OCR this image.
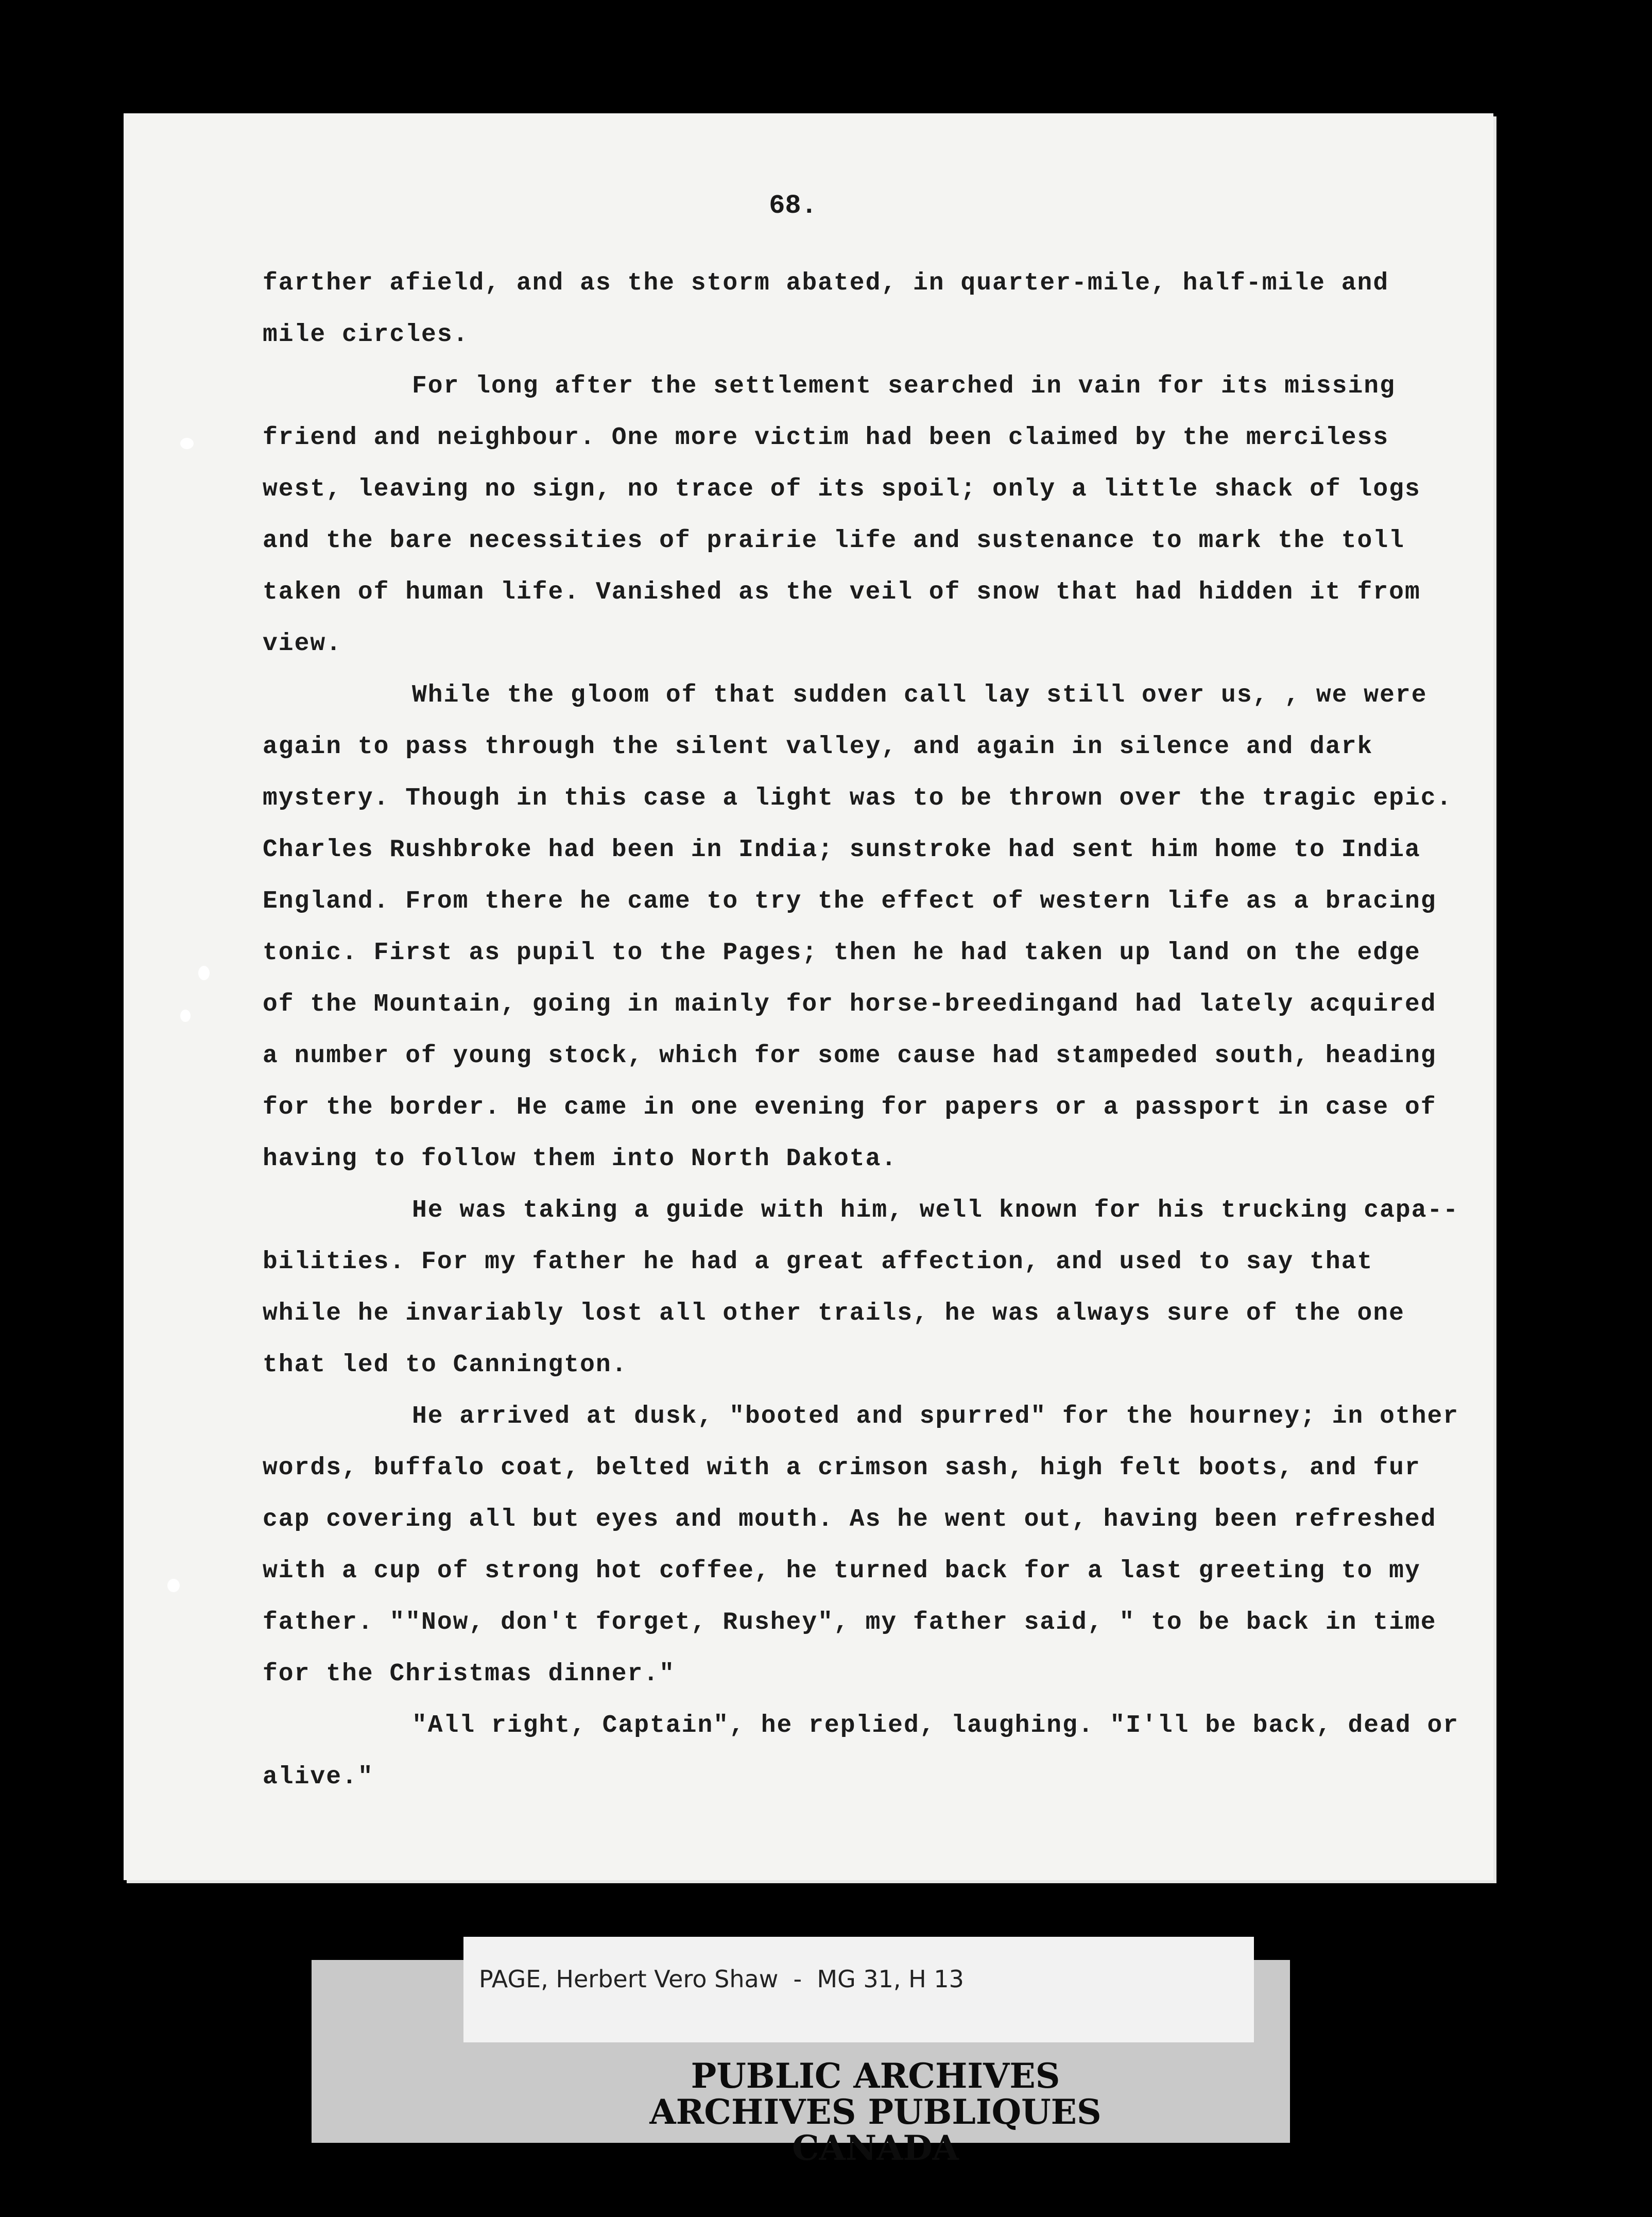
68.

farther afield, and as the storm abated, in quarter-mile, half-mile and mile circles.

For long after the settlement searched in vain for its missing friend and neighbour. One more victim had been claimed by the merciless west, leaving no sign, no trace of its spoil; only a little shack of logs and the bare necessities of prairie life and sustenance to mark the toll taken of human life. Vanished as the veil of snow that had hidden it from view.

While the gloom of that sudden call lay still over us, , we were again to pass through the silent valley, and again in silence and dark mystery. Though in this case a light was to be thrown over the tragic epic. Charles Rushbroke had been in India; sunstroke had sent him home to India England. From there he came to try the effect of western life as a bracing tonic. First as pupil to the Pages; then he had taken up land on the edge of the Mountain, going in mainly for horse-breedingand had lately acquired a number of young stock, which for some cause had stampeded south, heading for the border. He came in one evening for papers or a passport in case of having to follow them into North Dakota.

He was taking a guide with him, well known for his trucking capa--bilities. For my father he had a great affection, and used to say that while he invariably lost all other trails, he was always sure of the one that led to Cannington.

He arrived at dusk, "booted and spurred" for the hourney; in other words, buffalo coat, belted with a crimson sash, high felt boots, and fur cap covering all but eyes and mouth. As he went out, having been refreshed with a cup of strong hot coffee, he turned back for a last greeting to my father. ""Now, don't forget, Rushey", my father said, " to be back in time for the Christmas dinner."

"All right, Captain", he replied, laughing. "I'll be back, dead or alive."

PAGE, Herbert Vero Shaw  -  MG 31, H 13
PUBLIC ARCHIVES
ARCHIVES PUBLIQUES
CANADA
